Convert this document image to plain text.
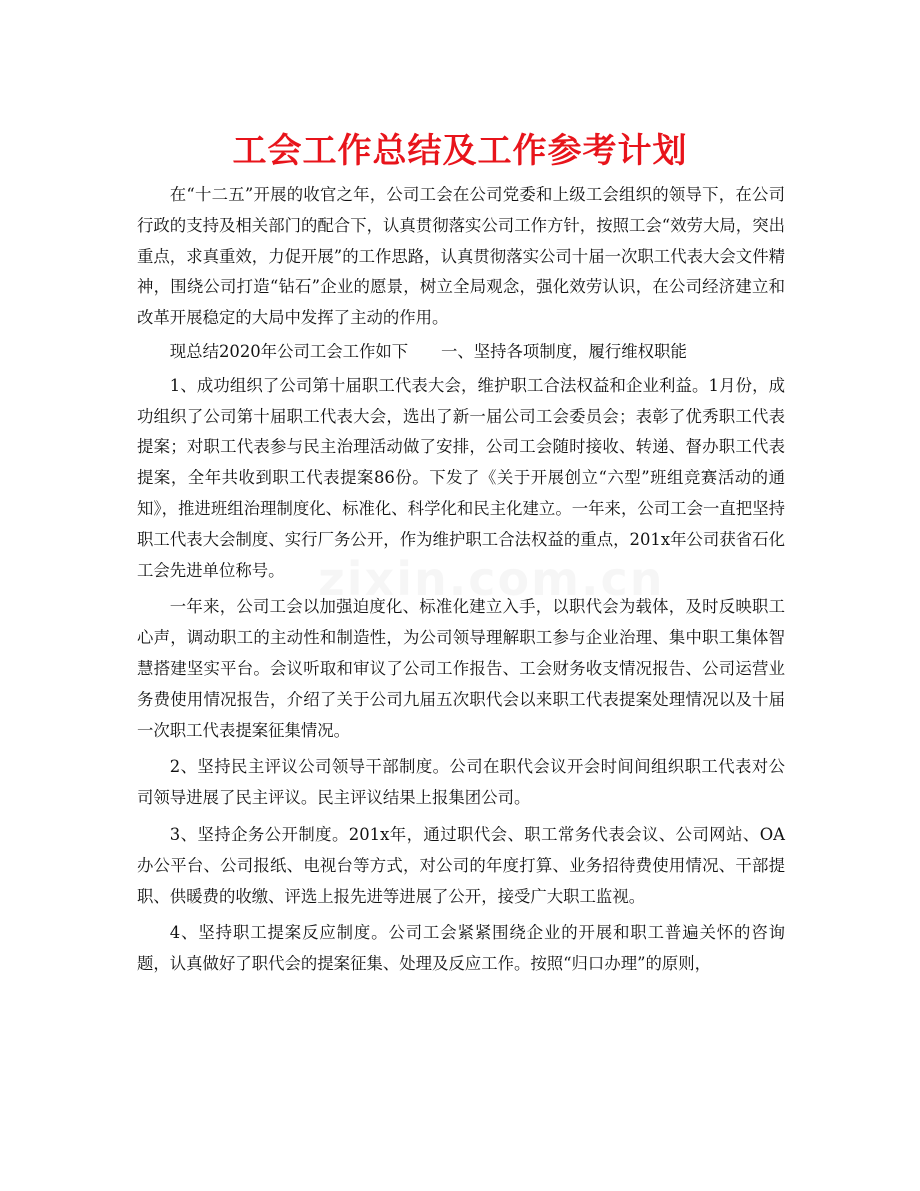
工会工作总结及工作参考计划

在“十二五”开展的收官之年，公司工会在公司党委和上级工会组织的领导下，在公司行政的支持及相关部门的配合下，认真贯彻落实公司工作方针，按照工会“效劳大局，突出重点，求真重效，力促开展”的工作思路，认真贯彻落实公司十届一次职工代表大会文件精神，围绕公司打造“钻石”企业的愿景，树立全局观念，强化效劳认识，在公司经济建立和改革开展稳定的大局中发挥了主动的作用。

现总结2020年公司工会工作如下　　一、坚持各项制度，履行维权职能

1、成功组织了公司第十届职工代表大会，维护职工合法权益和企业利益。1月份，成功组织了公司第十届职工代表大会，选出了新一届公司工会委员会；表彰了优秀职工代表提案；对职工代表参与民主治理活动做了安排，公司工会随时接收、转递、督办职工代表提案，全年共收到职工代表提案86份。下发了《关于开展创立“六型”班组竞赛活动的通知》，推进班组治理制度化、标准化、科学化和民主化建立。一年来，公司工会一直把坚持职工代表大会制度、实行厂务公开，作为维护职工合法权益的重点，201x年公司获省石化工会先进单位称号。

一年来，公司工会以加强迫度化、标准化建立入手，以职代会为载体，及时反映职工心声，调动职工的主动性和制造性，为公司领导理解职工参与企业治理、集中职工集体智慧搭建坚实平台。会议听取和审议了公司工作报告、工会财务收支情况报告、公司运营业务费使用情况报告，介绍了关于公司九届五次职代会以来职工代表提案处理情况以及十届一次职工代表提案征集情况。

2、坚持民主评议公司领导干部制度。公司在职代会议开会时间间组织职工代表对公司领导进展了民主评议。民主评议结果上报集团公司。

3、坚持企务公开制度。201x年，通过职代会、职工常务代表会议、公司网站、OA办公平台、公司报纸、电视台等方式，对公司的年度打算、业务招待费使用情况、干部提职、供暖费的收缴、评选上报先进等进展了公开，接受广大职工监视。

4、坚持职工提案反应制度。公司工会紧紧围绕企业的开展和职工普遍关怀的咨询题，认真做好了职代会的提案征集、处理及反应工作。按照“归口办理”的原则，
